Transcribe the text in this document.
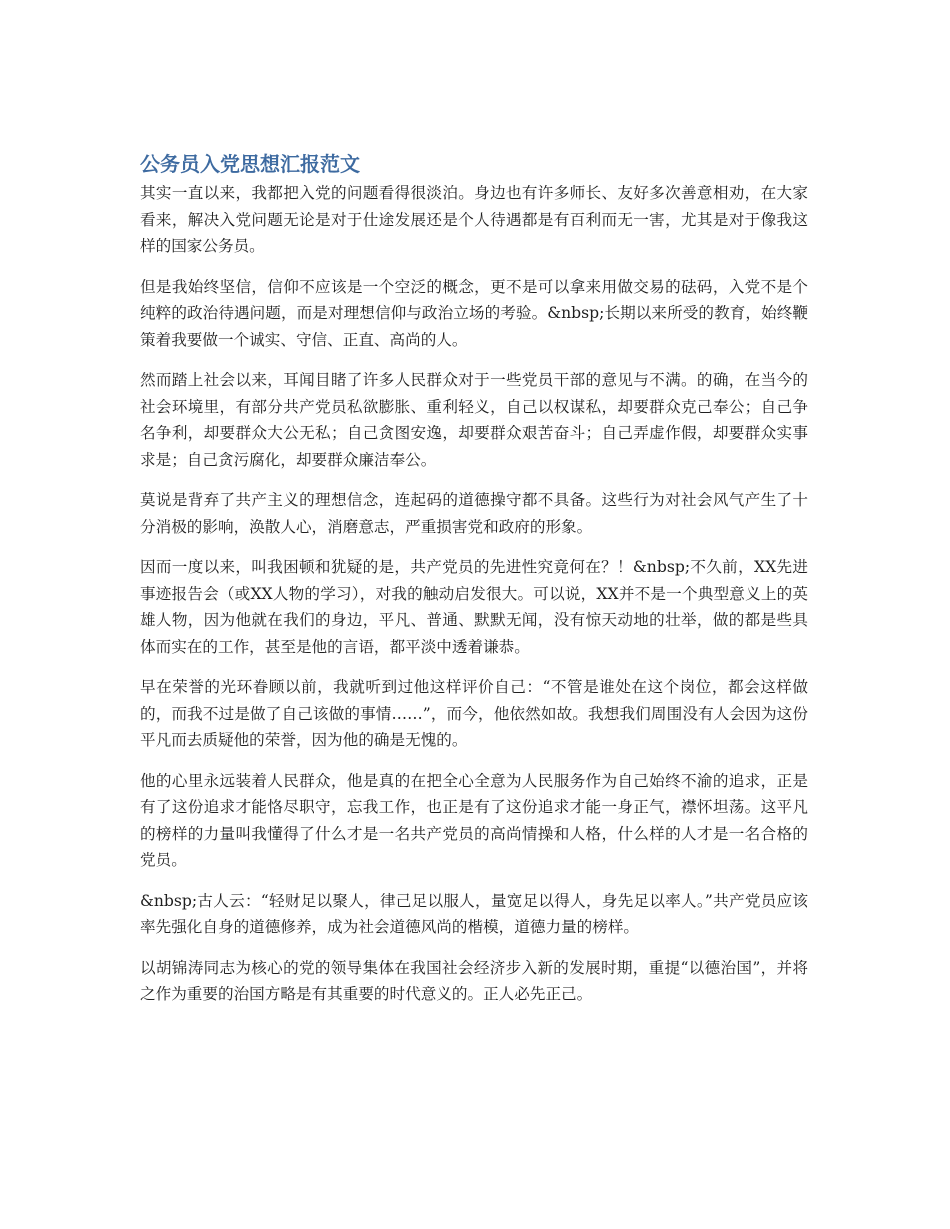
公务员入党思想汇报范文

其实一直以来，我都把入党的问题看得很淡泊。身边也有许多师长、友好多次善意相劝，在大家看来，解决入党问题无论是对于仕途发展还是个人待遇都是有百利而无一害，尤其是对于像我这样的国家公务员。

但是我始终坚信，信仰不应该是一个空泛的概念，更不是可以拿来用做交易的砝码，入党不是个纯粹的政治待遇问题，而是对理想信仰与政治立场的考验。&nbsp;长期以来所受的教育，始终鞭策着我要做一个诚实、守信、正直、高尚的人。

然而踏上社会以来，耳闻目睹了许多人民群众对于一些党员干部的意见与不满。的确，在当今的社会环境里，有部分共产党员私欲膨胀、重利轻义，自己以权谋私，却要群众克己奉公；自己争名争利，却要群众大公无私；自己贪图安逸，却要群众艰苦奋斗；自己弄虚作假，却要群众实事求是；自己贪污腐化，却要群众廉洁奉公。

莫说是背弃了共产主义的理想信念，连起码的道德操守都不具备。这些行为对社会风气产生了十分消极的影响，涣散人心，消磨意志，严重损害党和政府的形象。

因而一度以来，叫我困顿和犹疑的是，共产党员的先进性究竟何在？！&nbsp;不久前，XX先进事迹报告会（或XX人物的学习），对我的触动启发很大。可以说，XX并不是一个典型意义上的英雄人物，因为他就在我们的身边，平凡、普通、默默无闻，没有惊天动地的壮举，做的都是些具体而实在的工作，甚至是他的言语，都平淡中透着谦恭。

早在荣誉的光环眷顾以前，我就听到过他这样评价自己：“不管是谁处在这个岗位，都会这样做的，而我不过是做了自己该做的事情……”，而今，他依然如故。我想我们周围没有人会因为这份平凡而去质疑他的荣誉，因为他的确是无愧的。

他的心里永远装着人民群众，他是真的在把全心全意为人民服务作为自己始终不渝的追求，正是有了这份追求才能恪尽职守，忘我工作，也正是有了这份追求才能一身正气，襟怀坦荡。这平凡的榜样的力量叫我懂得了什么才是一名共产党员的高尚情操和人格，什么样的人才是一名合格的党员。

&nbsp;古人云：“轻财足以聚人，律己足以服人，量宽足以得人，身先足以率人。”共产党员应该率先强化自身的道德修养，成为社会道德风尚的楷模，道德力量的榜样。

以胡锦涛同志为核心的党的领导集体在我国社会经济步入新的发展时期，重提“以德治国”，并将之作为重要的治国方略是有其重要的时代意义的。正人必先正己。
